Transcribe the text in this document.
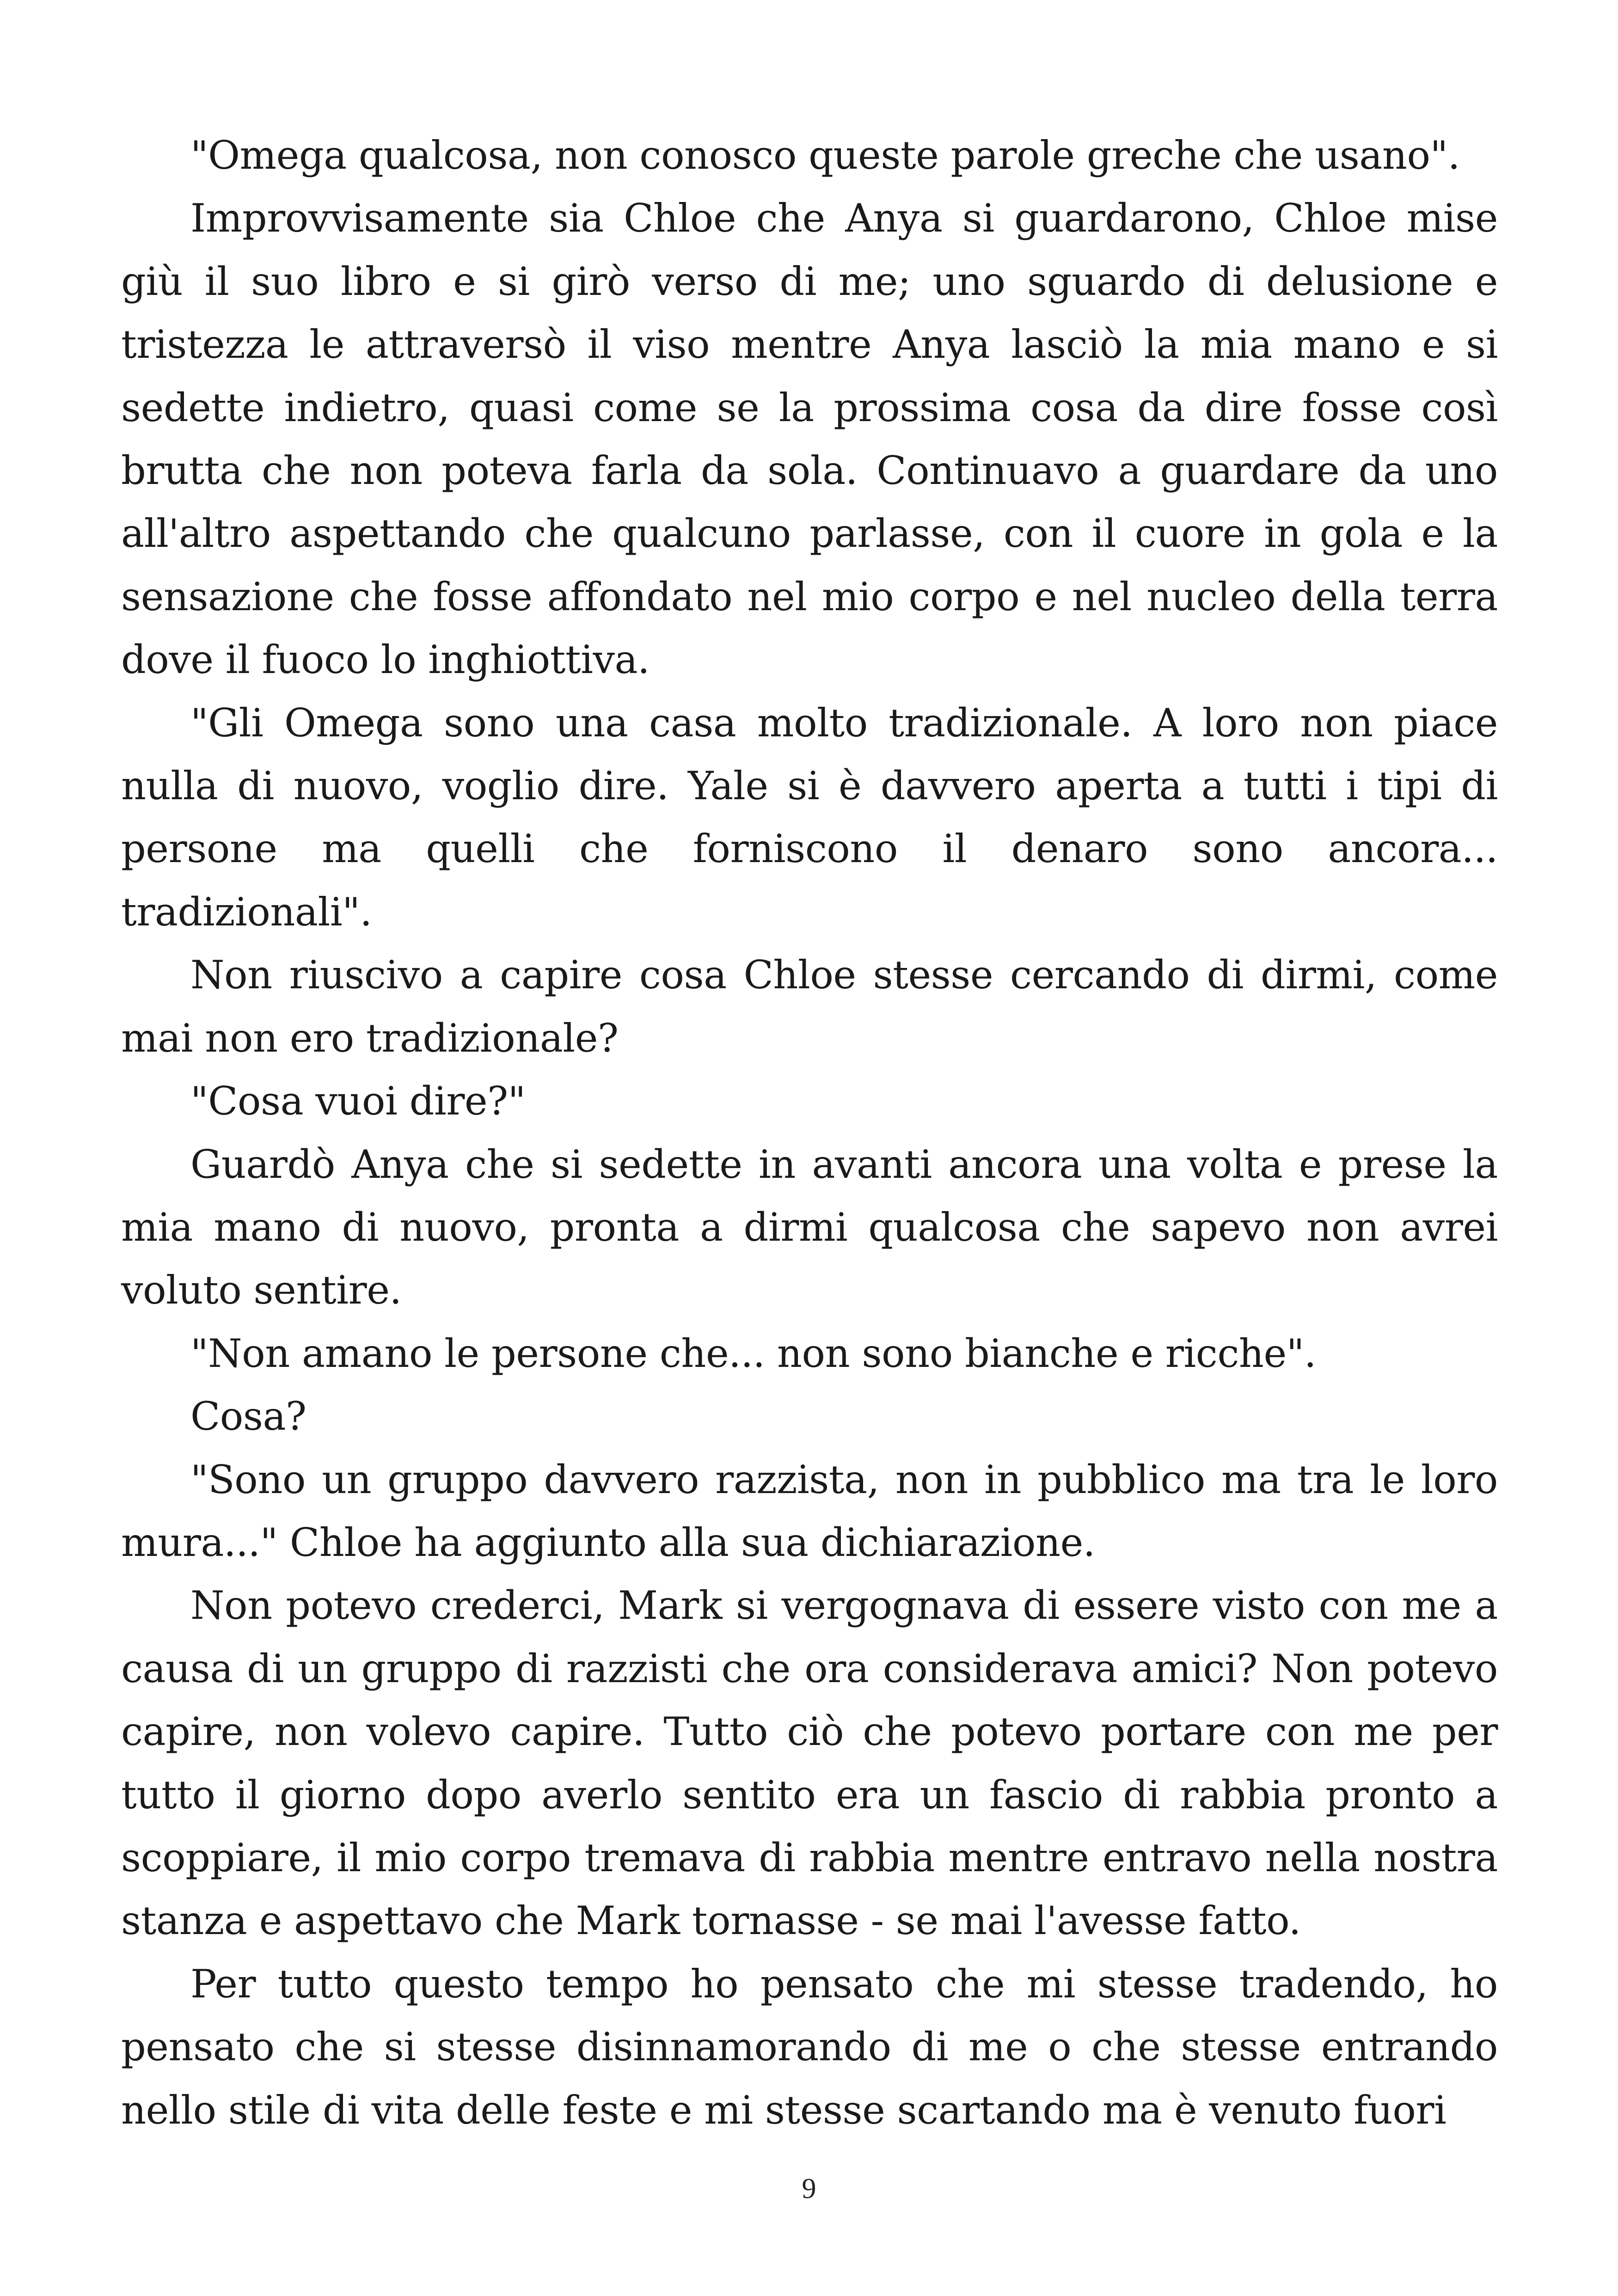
"Omega qualcosa, non conosco queste parole greche che usano".

Improvvisamente sia Chloe che Anya si guardarono, Chloe mise giù il suo libro e si girò verso di me; uno sguardo di delusione e tristezza le attraversò il viso mentre Anya lasciò la mia mano e si sedette indietro, quasi come se la prossima cosa da dire fosse così brutta che non poteva farla da sola. Continuavo a guardare da uno all'altro aspettando che qualcuno parlasse, con il cuore in gola e la sensazione che fosse affondato nel mio corpo e nel nucleo della terra dove il fuoco lo inghiottiva.

"Gli Omega sono una casa molto tradizionale. A loro non piace nulla di nuovo, voglio dire. Yale si è davvero aperta a tutti i tipi di persone ma quelli che forniscono il denaro sono ancora... tradizionali".

Non riuscivo a capire cosa Chloe stesse cercando di dirmi, come mai non ero tradizionale?

"Cosa vuoi dire?"

Guardò Anya che si sedette in avanti ancora una volta e prese la mia mano di nuovo, pronta a dirmi qualcosa che sapevo non avrei voluto sentire.

"Non amano le persone che... non sono bianche e ricche".

Cosa?

"Sono un gruppo davvero razzista, non in pubblico ma tra le loro mura..." Chloe ha aggiunto alla sua dichiarazione.

Non potevo crederci, Mark si vergognava di essere visto con me a causa di un gruppo di razzisti che ora considerava amici? Non potevo capire, non volevo capire. Tutto ciò che potevo portare con me per tutto il giorno dopo averlo sentito era un fascio di rabbia pronto a scoppiare, il mio corpo tremava di rabbia mentre entravo nella nostra stanza e aspettavo che Mark tornasse - se mai l'avesse fatto.

Per tutto questo tempo ho pensato che mi stesse tradendo, ho pensato che si stesse disinnamorando di me o che stesse entrando nello stile di vita delle feste e mi stesse scartando ma è venuto fuori

9
